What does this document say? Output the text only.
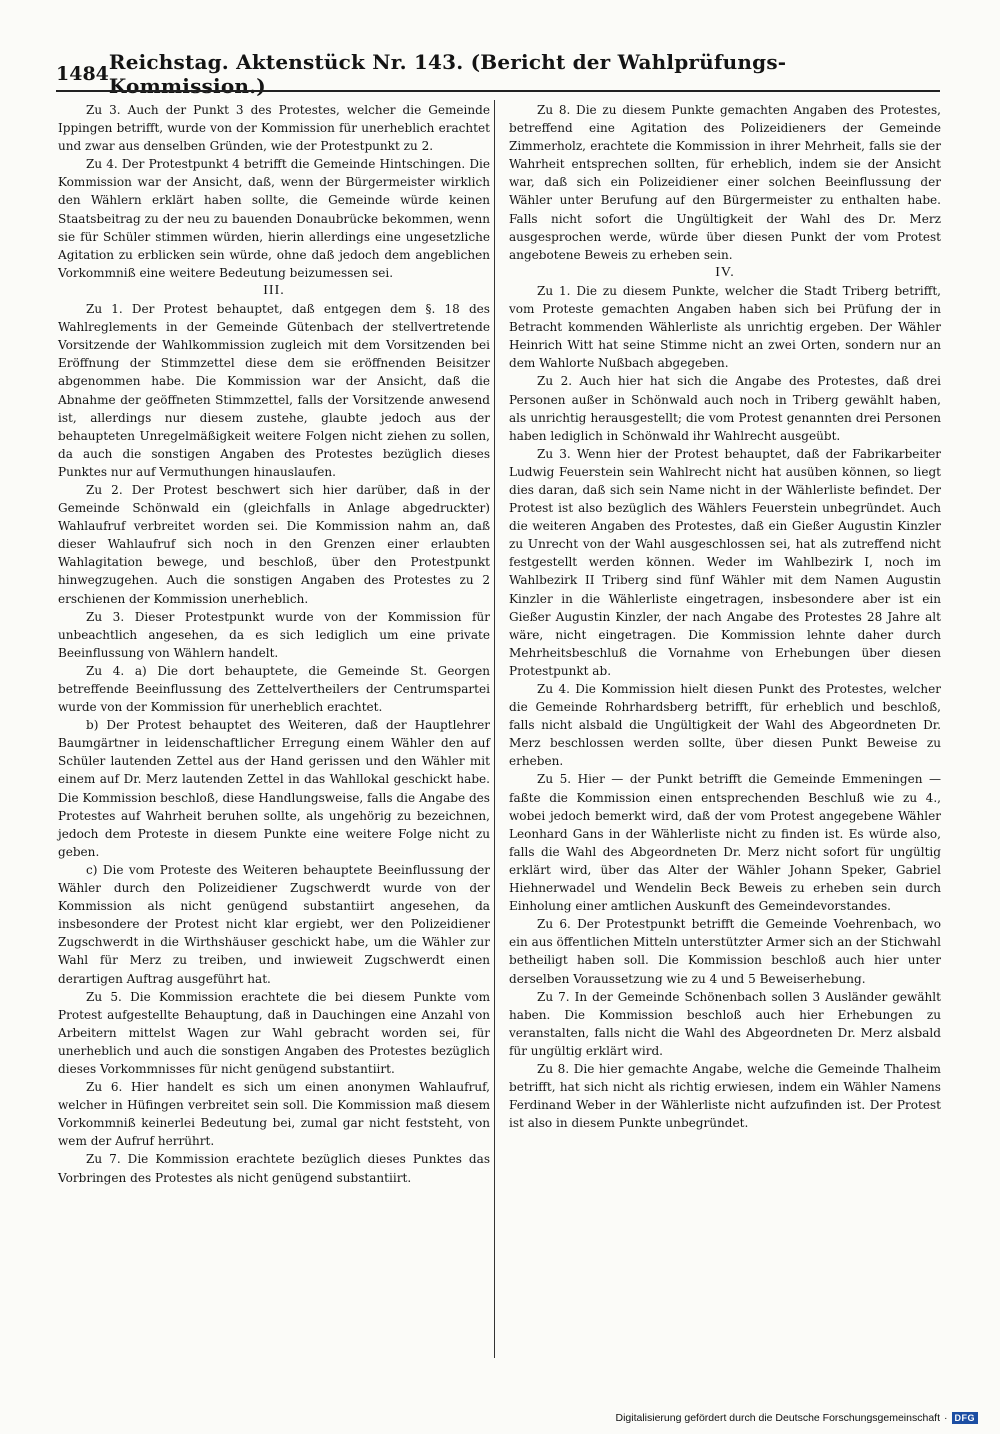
1484 Reichstag. Aktenstück Nr. 143. (Bericht der Wahlprüfungs-Kommission.)

Zu 3. Auch der Punkt 3 des Protestes, welcher die Gemeinde Ippingen betrifft, wurde von der Kommission für unerheblich erachtet und zwar aus denselben Gründen, wie der Protestpunkt zu 2.

Zu 4. Der Protestpunkt 4 betrifft die Gemeinde Hintschingen. Die Kommission war der Ansicht, daß, wenn der Bürgermeister wirklich den Wählern erklärt haben sollte, die Gemeinde würde keinen Staatsbeitrag zu der neu zu bauenden Donaubrücke bekommen, wenn sie für Schüler stimmen würden, hierin allerdings eine ungesetzliche Agitation zu erblicken sein würde, ohne daß jedoch dem angeblichen Vorkommniß eine weitere Bedeutung beizumessen sei.

III.

Zu 1. Der Protest behauptet, daß entgegen dem §. 18 des Wahlreglements in der Gemeinde Gütenbach der stellvertretende Vorsitzende der Wahlkommission zugleich mit dem Vorsitzenden bei Eröffnung der Stimmzettel diese dem sie eröffnenden Beisitzer abgenommen habe. Die Kommission war der Ansicht, daß die Abnahme der geöffneten Stimmzettel, falls der Vorsitzende anwesend ist, allerdings nur diesem zustehe, glaubte jedoch aus der behaupteten Unregelmäßigkeit weitere Folgen nicht ziehen zu sollen, da auch die sonstigen Angaben des Protestes bezüglich dieses Punktes nur auf Vermuthungen hinauslaufen.

Zu 2. Der Protest beschwert sich hier darüber, daß in der Gemeinde Schönwald ein (gleichfalls in Anlage abgedruckter) Wahlaufruf verbreitet worden sei. Die Kommission nahm an, daß dieser Wahlaufruf sich noch in den Grenzen einer erlaubten Wahlagitation bewege, und beschloß, über den Protestpunkt hinwegzugehen. Auch die sonstigen Angaben des Protestes zu 2 erschienen der Kommission unerheblich.

Zu 3. Dieser Protestpunkt wurde von der Kommission für unbeachtlich angesehen, da es sich lediglich um eine private Beeinflussung von Wählern handelt.

Zu 4. a) Die dort behauptete, die Gemeinde St. Georgen betreffende Beeinflussung des Zettelvertheilers der Centrumspartei wurde von der Kommission für unerheblich erachtet.

b) Der Protest behauptet des Weiteren, daß der Hauptlehrer Baumgärtner in leidenschaftlicher Erregung einem Wähler den auf Schüler lautenden Zettel aus der Hand gerissen und den Wähler mit einem auf Dr. Merz lautenden Zettel in das Wahllokal geschickt habe. Die Kommission beschloß, diese Handlungsweise, falls die Angabe des Protestes auf Wahrheit beruhen sollte, als ungehörig zu bezeichnen, jedoch dem Proteste in diesem Punkte eine weitere Folge nicht zu geben.

c) Die vom Proteste des Weiteren behauptete Beeinflussung der Wähler durch den Polizeidiener Zugschwerdt wurde von der Kommission als nicht genügend substantiirt angesehen, da insbesondere der Protest nicht klar ergiebt, wer den Polizeidiener Zugschwerdt in die Wirthshäuser geschickt habe, um die Wähler zur Wahl für Merz zu treiben, und inwieweit Zugschwerdt einen derartigen Auftrag ausgeführt hat.

Zu 5. Die Kommission erachtete die bei diesem Punkte vom Protest aufgestellte Behauptung, daß in Dauchingen eine Anzahl von Arbeitern mittelst Wagen zur Wahl gebracht worden sei, für unerheblich und auch die sonstigen Angaben des Protestes bezüglich dieses Vorkommnisses für nicht genügend substantiirt.

Zu 6. Hier handelt es sich um einen anonymen Wahlaufruf, welcher in Hüfingen verbreitet sein soll. Die Kommission maß diesem Vorkommniß keinerlei Bedeutung bei, zumal gar nicht feststeht, von wem der Aufruf herrührt.

Zu 7. Die Kommission erachtete bezüglich dieses Punktes das Vorbringen des Protestes als nicht genügend substantiirt.

Zu 8. Die zu diesem Punkte gemachten Angaben des Protestes, betreffend eine Agitation des Polizeidieners der Gemeinde Zimmerholz, erachtete die Kommission in ihrer Mehrheit, falls sie der Wahrheit entsprechen sollten, für erheblich, indem sie der Ansicht war, daß sich ein Polizeidiener einer solchen Beeinflussung der Wähler unter Berufung auf den Bürgermeister zu enthalten habe. Falls nicht sofort die Ungültigkeit der Wahl des Dr. Merz ausgesprochen werde, würde über diesen Punkt der vom Protest angebotene Beweis zu erheben sein.

IV.

Zu 1. Die zu diesem Punkte, welcher die Stadt Triberg betrifft, vom Proteste gemachten Angaben haben sich bei Prüfung der in Betracht kommenden Wählerliste als unrichtig ergeben. Der Wähler Heinrich Witt hat seine Stimme nicht an zwei Orten, sondern nur an dem Wahlorte Nußbach abgegeben.

Zu 2. Auch hier hat sich die Angabe des Protestes, daß drei Personen außer in Schönwald auch noch in Triberg gewählt haben, als unrichtig herausgestellt; die vom Protest genannten drei Personen haben lediglich in Schönwald ihr Wahlrecht ausgeübt.

Zu 3. Wenn hier der Protest behauptet, daß der Fabrikarbeiter Ludwig Feuerstein sein Wahlrecht nicht hat ausüben können, so liegt dies daran, daß sich sein Name nicht in der Wählerliste befindet. Der Protest ist also bezüglich des Wählers Feuerstein unbegründet. Auch die weiteren Angaben des Protestes, daß ein Gießer Augustin Kinzler zu Unrecht von der Wahl ausgeschlossen sei, hat als zutreffend nicht festgestellt werden können. Weder im Wahlbezirk I, noch im Wahlbezirk II Triberg sind fünf Wähler mit dem Namen Augustin Kinzler in die Wählerliste eingetragen, insbesondere aber ist ein Gießer Augustin Kinzler, der nach Angabe des Protestes 28 Jahre alt wäre, nicht eingetragen. Die Kommission lehnte daher durch Mehrheitsbeschluß die Vornahme von Erhebungen über diesen Protestpunkt ab.

Zu 4. Die Kommission hielt diesen Punkt des Protestes, welcher die Gemeinde Rohrhardsberg betrifft, für erheblich und beschloß, falls nicht alsbald die Ungültigkeit der Wahl des Abgeordneten Dr. Merz beschlossen werden sollte, über diesen Punkt Beweise zu erheben.

Zu 5. Hier — der Punkt betrifft die Gemeinde Emmeningen — faßte die Kommission einen entsprechenden Beschluß wie zu 4., wobei jedoch bemerkt wird, daß der vom Protest angegebene Wähler Leonhard Gans in der Wählerliste nicht zu finden ist. Es würde also, falls die Wahl des Abgeordneten Dr. Merz nicht sofort für ungültig erklärt wird, über das Alter der Wähler Johann Speker, Gabriel Hiehnerwadel und Wendelin Beck Beweis zu erheben sein durch Einholung einer amtlichen Auskunft des Gemeindevorstandes.

Zu 6. Der Protestpunkt betrifft die Gemeinde Voehrenbach, wo ein aus öffentlichen Mitteln unterstützter Armer sich an der Stichwahl betheiligt haben soll. Die Kommission beschloß auch hier unter derselben Voraussetzung wie zu 4 und 5 Beweiserhebung.

Zu 7. In der Gemeinde Schönenbach sollen 3 Ausländer gewählt haben. Die Kommission beschloß auch hier Erhebungen zu veranstalten, falls nicht die Wahl des Abgeordneten Dr. Merz alsbald für ungültig erklärt wird.

Zu 8. Die hier gemachte Angabe, welche die Gemeinde Thalheim betrifft, hat sich nicht als richtig erwiesen, indem ein Wähler Namens Ferdinand Weber in der Wählerliste nicht aufzufinden ist. Der Protest ist also in diesem Punkte unbegründet.

Digitalisierung gefördert durch die Deutsche Forschungsgemeinschaft · DFG
